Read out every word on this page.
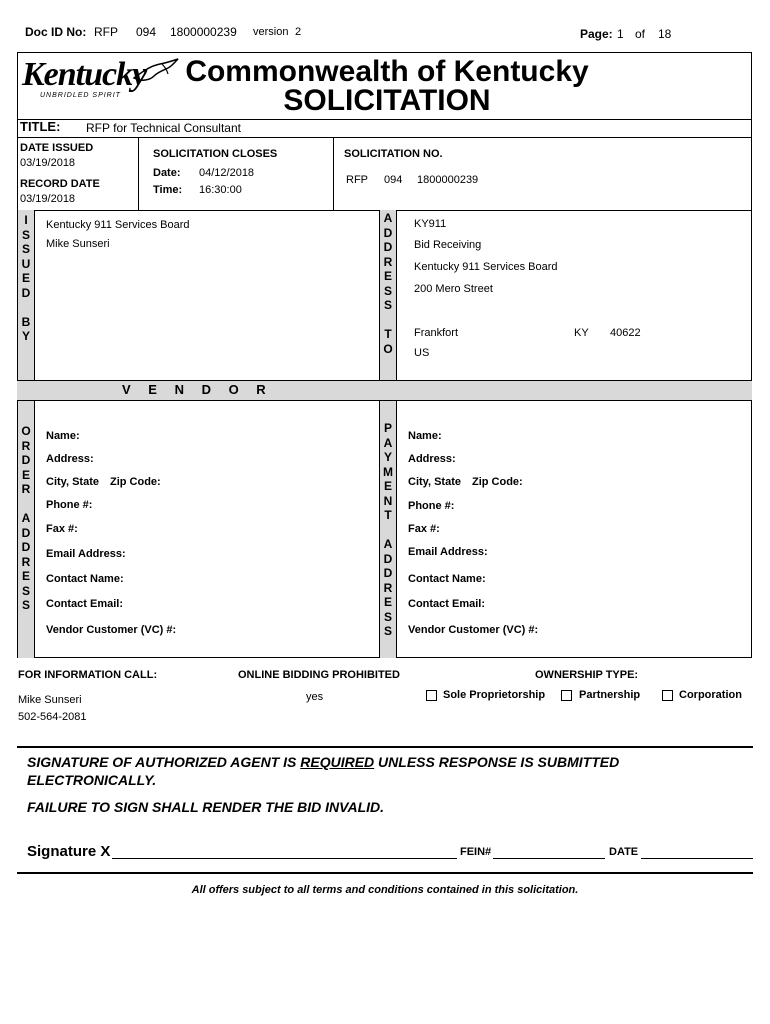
Doc ID No: RFP 094 1800000239 version 2	Page: 1 of 18
Kentucky
UNBRIDLED SPIRIT
Commonwealth of Kentucky
SOLICITATION
TITLE: RFP for Technical Consultant
DATE ISSUED
03/19/2018
RECORD DATE
03/19/2018
SOLICITATION CLOSES
Date: 04/12/2018
Time: 16:30:00
SOLICITATION NO.
RFP 094 1800000239
I
S
S
U
E
D

B
Y
Kentucky 911 Services Board
Mike Sunseri
A
D
D
R
E
S
S

T
O
KY911
Bid Receiving
Kentucky 911 Services Board
200 Mero Street
Frankfort	KY 40622
US
V E N D O R
O
R
D
E
R

A
D
D
R
E
S
S
Name:
Address:
City, State Zip Code:
Phone #:
Fax #:
Email Address:
Contact Name:
Contact Email:
Vendor Customer (VC) #:
P
A
Y
M
E
N
T

A
D
D
R
E
S
S
Name:
Address:
City, State Zip Code:
Phone #:
Fax #:
Email Address:
Contact Name:
Contact Email:
Vendor Customer (VC) #:
FOR INFORMATION CALL:
Mike Sunseri
502-564-2081
ONLINE BIDDING PROHIBITED
yes
OWNERSHIP TYPE:
Sole Proprietorship	Partnership	Corporation
SIGNATURE OF AUTHORIZED AGENT IS REQUIRED UNLESS RESPONSE IS SUBMITTED
ELECTRONICALLY.
FAILURE TO SIGN SHALL RENDER THE BID INVALID.
Signature X	FEIN#	DATE
All offers subject to all terms and conditions contained in this solicitation.
